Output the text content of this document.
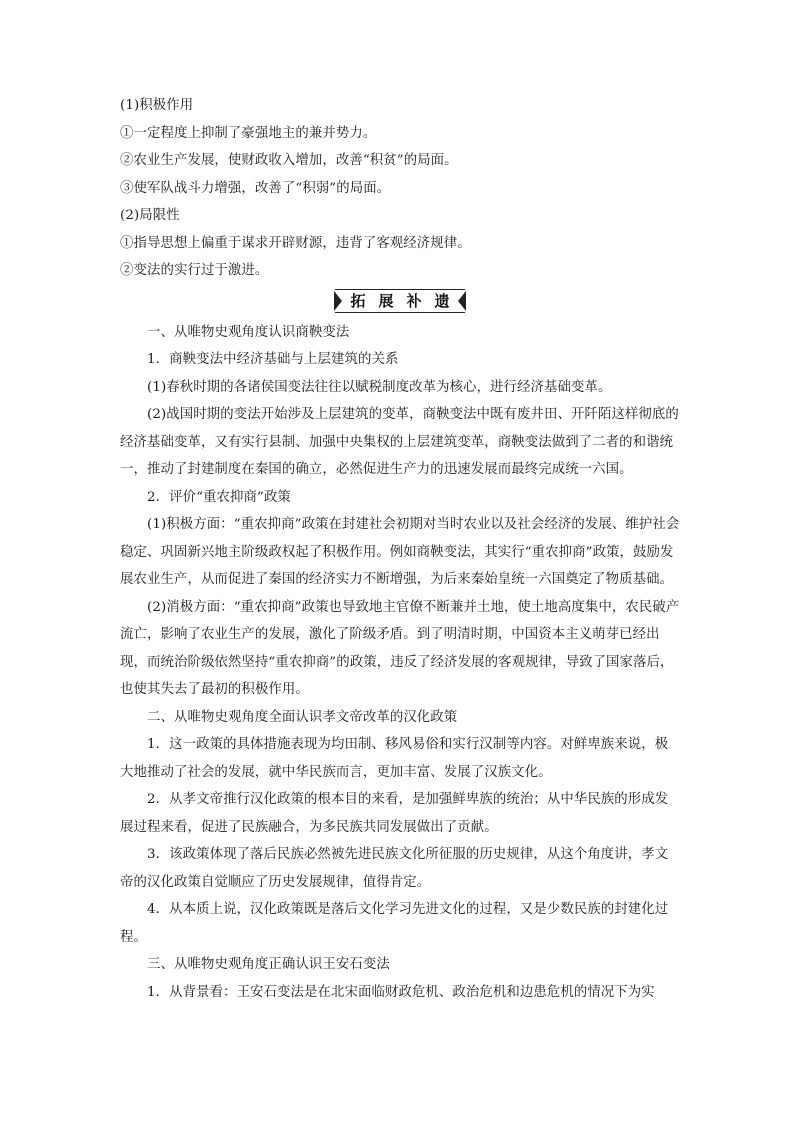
(1)积极作用

①一定程度上抑制了豪强地主的兼并势力。

②农业生产发展，使财政收入增加，改善“积贫”的局面。

③使军队战斗力增强，改善了“积弱”的局面。

(2)局限性

①指导思想上偏重于谋求开辟财源，违背了客观经济规律。

②变法的实行过于激进。

拓 展 补 遗

一、从唯物史观角度认识商鞅变法

1．商鞅变法中经济基础与上层建筑的关系

(1)春秋时期的各诸侯国变法往往以赋税制度改革为核心，进行经济基础变革。

(2)战国时期的变法开始涉及上层建筑的变革，商鞅变法中既有废井田、开阡陌这样彻底的经济基础变革，又有实行县制、加强中央集权的上层建筑变革，商鞅变法做到了二者的和谐统一，推动了封建制度在秦国的确立，必然促进生产力的迅速发展而最终完成统一六国。

2．评价“重农抑商”政策

(1)积极方面：“重农抑商”政策在封建社会初期对当时农业以及社会经济的发展、维护社会稳定、巩固新兴地主阶级政权起了积极作用。例如商鞅变法，其实行“重农抑商”政策，鼓励发展农业生产，从而促进了秦国的经济实力不断增强，为后来秦始皇统一六国奠定了物质基础。

(2)消极方面：“重农抑商”政策也导致地主官僚不断兼并土地，使土地高度集中，农民破产流亡，影响了农业生产的发展，激化了阶级矛盾。到了明清时期，中国资本主义萌芽已经出现，而统治阶级依然坚持“重农抑商”的政策，违反了经济发展的客观规律，导致了国家落后，也使其失去了最初的积极作用。

二、从唯物史观角度全面认识孝文帝改革的汉化政策

1．这一政策的具体措施表现为均田制、移风易俗和实行汉制等内容。对鲜卑族来说，极大地推动了社会的发展，就中华民族而言，更加丰富、发展了汉族文化。

2．从孝文帝推行汉化政策的根本目的来看，是加强鲜卑族的统治；从中华民族的形成发展过程来看，促进了民族融合，为多民族共同发展做出了贡献。

3．该政策体现了落后民族必然被先进民族文化所征服的历史规律，从这个角度讲，孝文帝的汉化政策自觉顺应了历史发展规律，值得肯定。

4．从本质上说，汉化政策既是落后文化学习先进文化的过程，又是少数民族的封建化过程。

三、从唯物史观角度正确认识王安石变法

1．从背景看：王安石变法是在北宋面临财政危机、政治危机和边患危机的情况下为实
